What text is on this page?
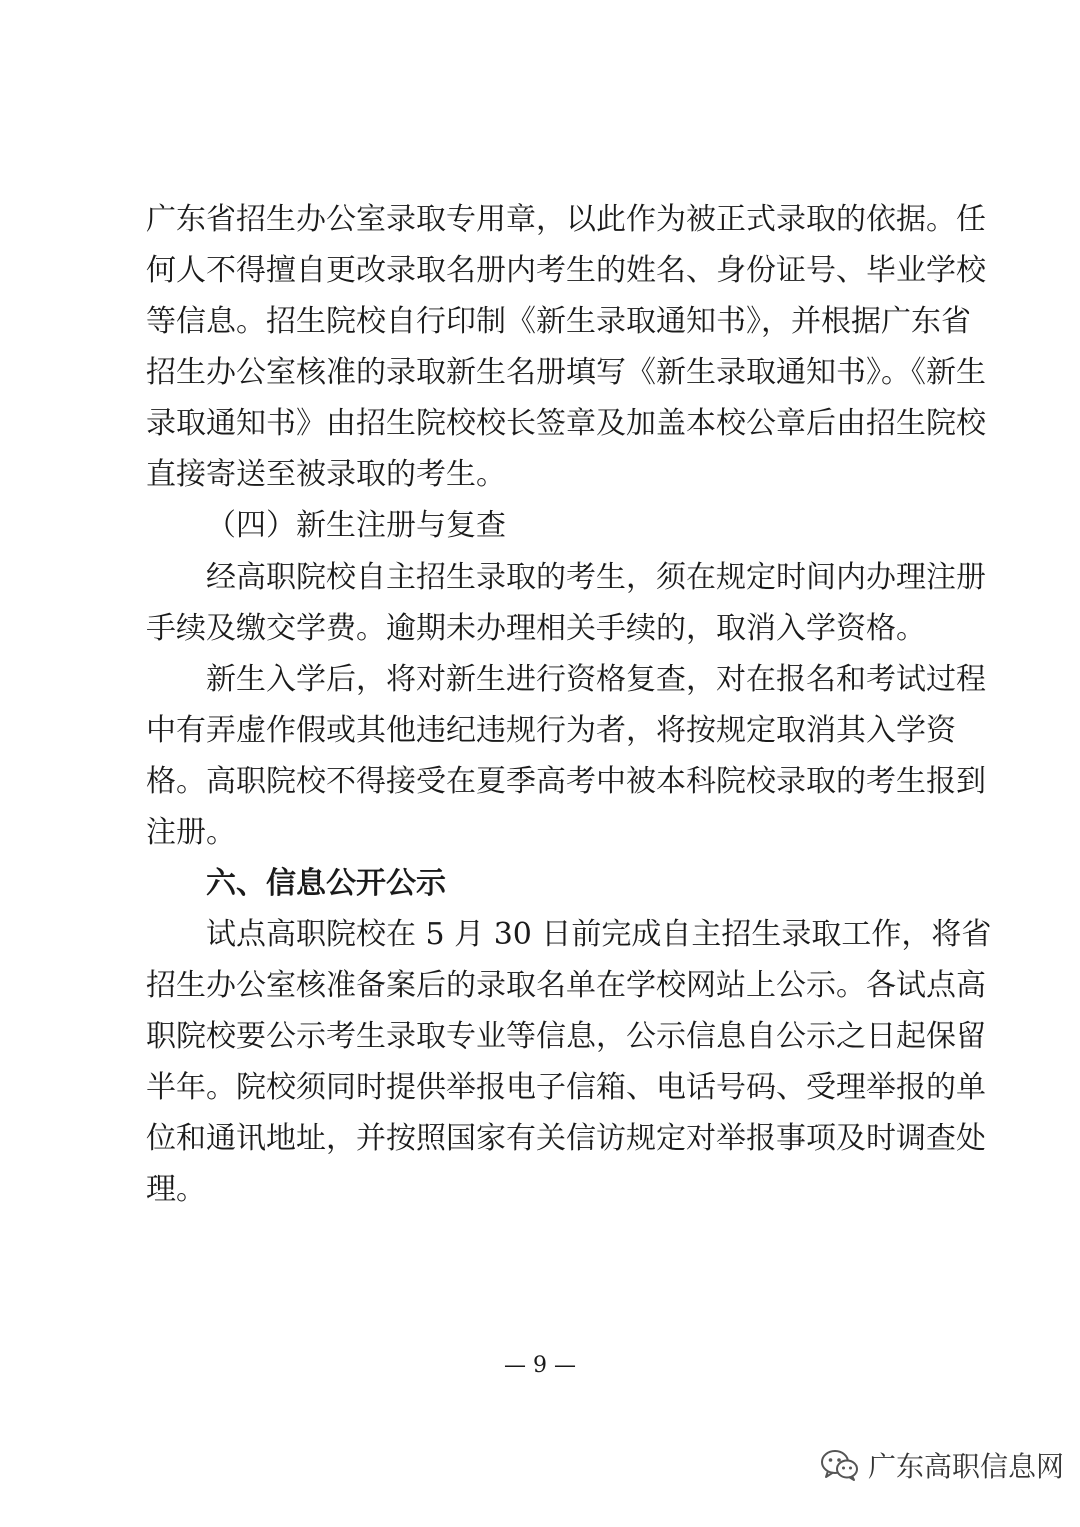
广东省招生办公室录取专用章，以此作为被正式录取的依据。任
何人不得擅自更改录取名册内考生的姓名、身份证号、毕业学校
等信息。招生院校自行印制《新生录取通知书》，并根据广东省
招生办公室核准的录取新生名册填写《新生录取通知书》。《新生
录取通知书》由招生院校校长签章及加盖本校公章后由招生院校
直接寄送至被录取的考生。
（四）新生注册与复查
经高职院校自主招生录取的考生，须在规定时间内办理注册
手续及缴交学费。逾期未办理相关手续的，取消入学资格。
新生入学后，将对新生进行资格复查，对在报名和考试过程
中有弄虚作假或其他违纪违规行为者，将按规定取消其入学资
格。高职院校不得接受在夏季高考中被本科院校录取的考生报到
注册。
六、信息公开公示
试点高职院校在 5 月 30 日前完成自主招生录取工作，将省
招生办公室核准备案后的录取名单在学校网站上公示。各试点高
职院校要公示考生录取专业等信息，公示信息自公示之日起保留
半年。院校须同时提供举报电子信箱、电话号码、受理举报的单
位和通讯地址，并按照国家有关信访规定对举报事项及时调查处
理。
— 9 —
广东高职信息网
